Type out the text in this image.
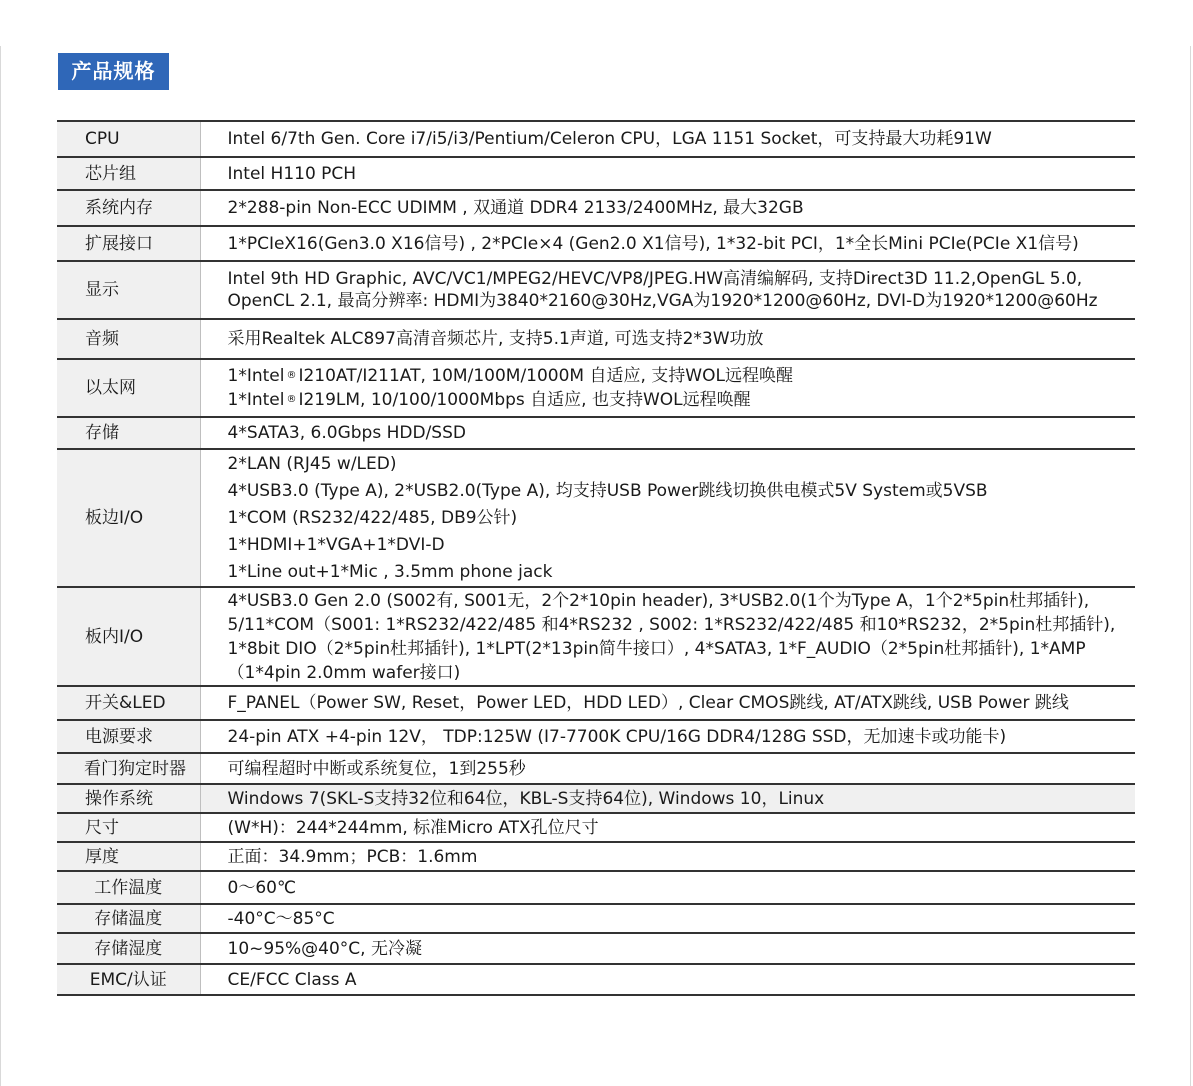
产品规格
CPU	Intel 6/7th Gen. Core i7/i5/i3/Pentium/Celeron CPU，LGA 1151 Socket，可支持最大功耗91W

芯片组	Intel H110 PCH

系统内存	2*288-pin Non-ECC UDIMM , 双通道 DDR4 2133/2400MHz, 最大32GB

扩展接口	1*PCIeX16(Gen3.0 X16信号) , 2*PCIe×4 (Gen2.0 X1信号), 1*32-bit PCI，1*全长Mini PCIe(PCIe X1信号)

显示	Intel 9th HD Graphic, AVC/VC1/MPEG2/HEVC/VP8/JPEG.HW高清编解码, 支持Direct3D 11.2,OpenGL 5.0,
OpenCL 2.1, 最高分辨率: HDMI为3840*2160@30Hz,VGA为1920*1200@60Hz, DVI-D为1920*1200@60Hz

音频	采用Realtek ALC897高清音频芯片, 支持5.1声道, 可选支持2*3W功放

以太网	1*Intel ® I210AT/I211AT, 10M/100M/1000M 自适应, 支持WOL远程唤醒
1*Intel ® I219LM, 10/100/1000Mbps 自适应, 也支持WOL远程唤醒

存储	4*SATA3, 6.0Gbps HDD/SSD

板边I/O	2*LAN (RJ45 w/LED)
4*USB3.0 (Type A), 2*USB2.0(Type A), 均支持USB Power跳线切换供电模式5V System或5VSB
1*COM (RS232/422/485, DB9公针)
1*HDMI+1*VGA+1*DVI-D
1*Line out+1*Mic , 3.5mm phone jack

板内I/O	4*USB3.0 Gen 2.0 (S002有, S001无，2个2*10pin header), 3*USB2.0(1个为Type A，1个2*5pin杜邦插针),
5/11*COM（S001: 1*RS232/422/485 和4*RS232 , S002: 1*RS232/422/485 和10*RS232，2*5pin杜邦插针),
1*8bit DIO（2*5pin杜邦插针), 1*LPT(2*13pin简牛接口）, 4*SATA3, 1*F_AUDIO（2*5pin杜邦插针), 1*AMP
（1*4pin 2.0mm wafer接口)

开关&LED	F_PANEL（Power SW, Reset，Power LED，HDD LED）, Clear CMOS跳线, AT/ATX跳线, USB Power 跳线

电源要求	24-pin ATX +4-pin 12V， TDP:125W (I7-7700K CPU/16G DDR4/128G SSD，无加速卡或功能卡)

看门狗定时器	可编程超时中断或系统复位，1到255秒

操作系统	Windows 7(SKL-S支持32位和64位，KBL-S支持64位), Windows 10，Linux

尺寸	(W*H)：244*244mm, 标准Micro ATX孔位尺寸

厚度	正面：34.9mm；PCB：1.6mm

工作温度	0～60℃

存储温度	-40°C～85°C

存储湿度	10~95%@40°C, 无冷凝

EMC/认证	CE/FCC Class A
